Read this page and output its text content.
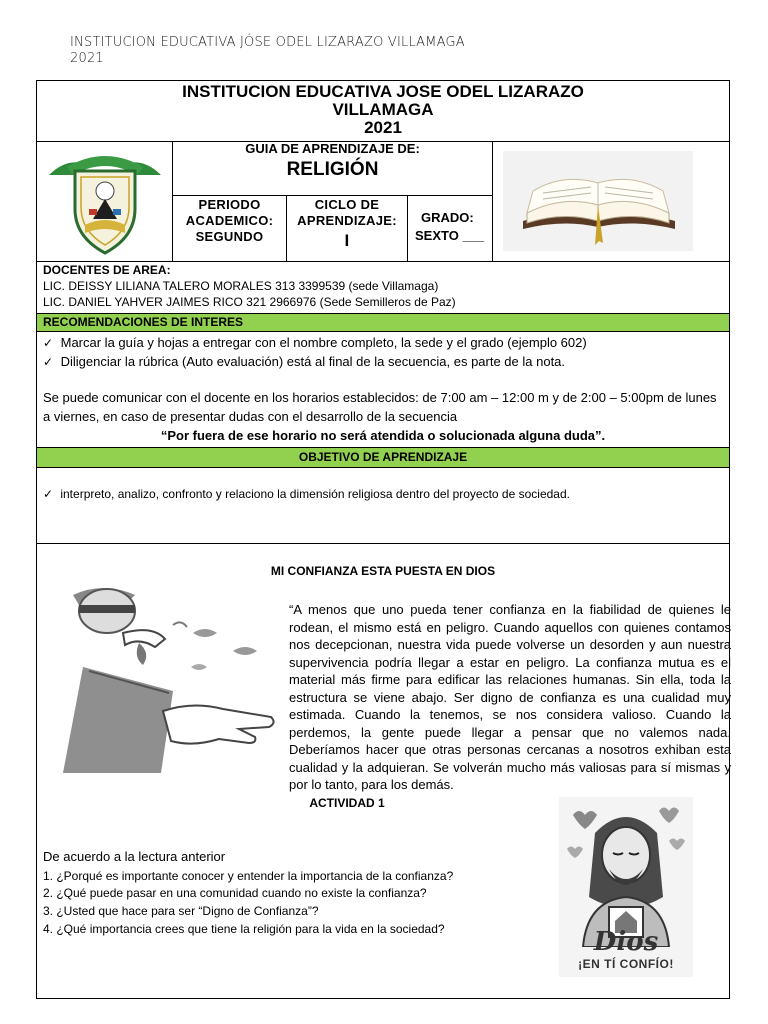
INSTITUCION EDUCATIVA JÓSE ODEL LIZARAZO VILLAMAGA
2021
INSTITUCION EDUCATIVA JOSE ODEL LIZARAZO
VILLAMAGA
2021
GUIA DE APRENDIZAJE DE:
RELIGIÓN
PERIODO
ACADEMICO:
SEGUNDO
CICLO DE
APRENDIZAJE:
I
GRADO:
SEXTO ___
DOCENTES DE AREA:
LIC. DEISSY LILIANA TALERO MORALES 313 3399539 (sede Villamaga)
LIC. DANIEL YAHVER JAIMES RICO 321 2966976 (Sede Semilleros de Paz)
RECOMENDACIONES DE INTERES
✓ Marcar la guía y hojas a entregar con el nombre completo, la sede y el grado (ejemplo 602)
✓ Diligenciar la rúbrica (Auto evaluación) está al final de la secuencia, es parte de la nota.
Se puede comunicar con el docente en los horarios establecidos: de 7:00 am – 12:00 m y de 2:00 – 5:00pm de lunes a viernes, en caso de presentar dudas con el desarrollo de la secuencia
“Por fuera de ese horario no será atendida o solucionada alguna duda”.
OBJETIVO DE APRENDIZAJE
✓ interpreto, analizo, confronto y relaciono la dimensión religiosa dentro del proyecto de sociedad.
MI CONFIANZA ESTA PUESTA EN DIOS
“A menos que uno pueda tener confianza en la fiabilidad de quienes le rodean, el mismo está en peligro. Cuando aquellos con quienes contamos nos decepcionan, nuestra vida puede volverse un desorden y aun nuestra supervivencia podría llegar a estar en peligro. La confianza mutua es el material más firme para edificar las relaciones humanas. Sin ella, toda la estructura se viene abajo. Ser digno de confianza es una cualidad muy estimada. Cuando la tenemos, se nos considera valioso. Cuando la perdemos, la gente puede llegar a pensar que no valemos nada. Deberíamos hacer que otras personas cercanas a nosotros exhiban esta cualidad y la adquieran. Se volverán mucho más valiosas para sí mismas y por lo tanto, para los demás.
ACTIVIDAD 1
De acuerdo a la lectura anterior
1. ¿Porqué es importante conocer y entender la importancia de la confianza?
2. ¿Qué puede pasar en una comunidad cuando no existe la confianza?
3. ¿Usted que hace para ser “Digno de Confianza”?
4. ¿Qué importancia crees que tiene la religión para la vida en la sociedad?	Dios
¡EN TÍ CONFÍO!
